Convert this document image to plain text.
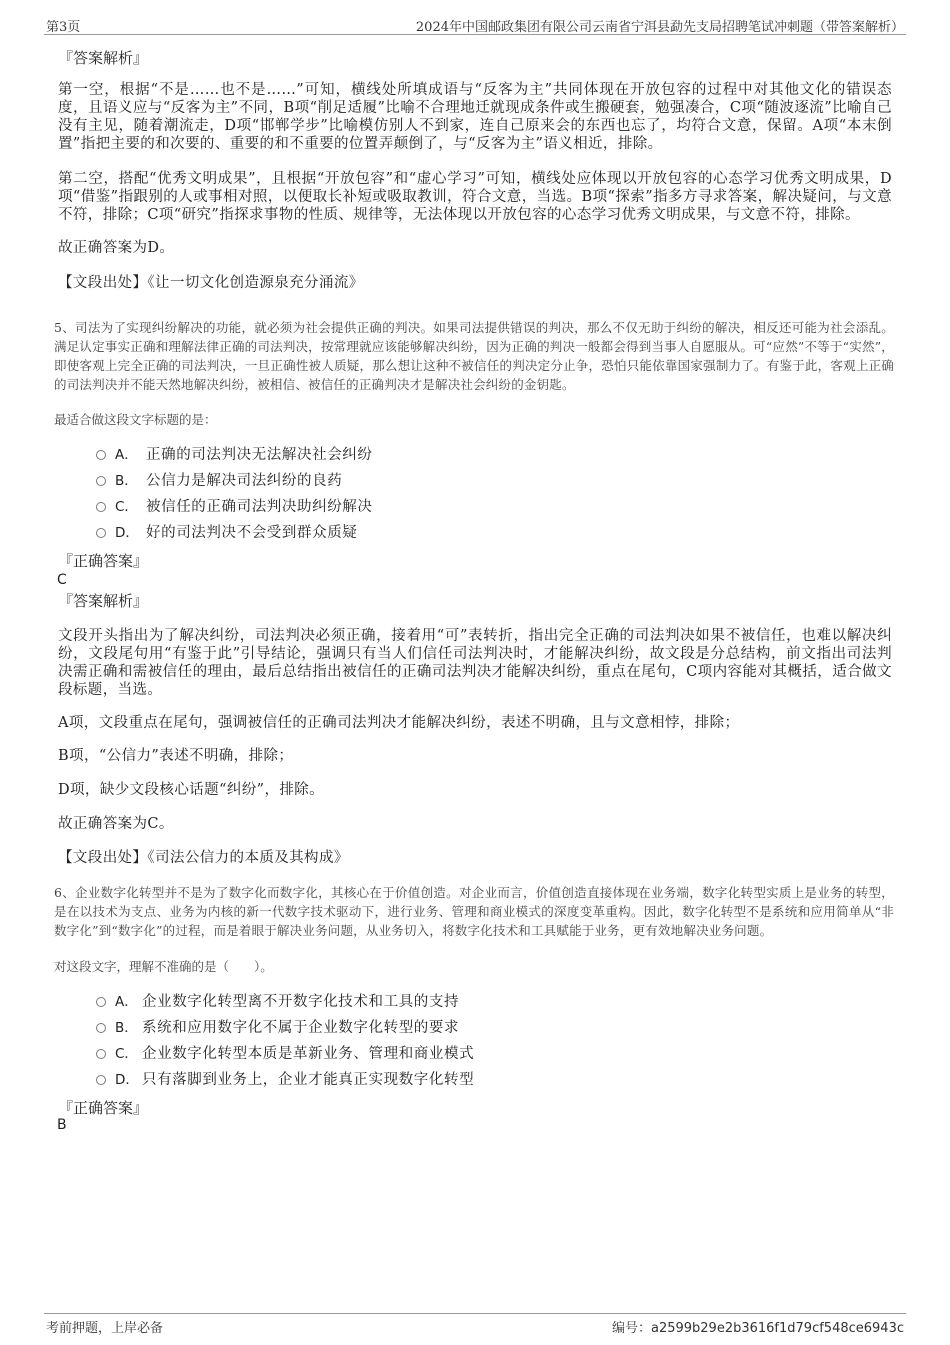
第3页	2024年中国邮政集团有限公司云南省宁洱县勐先支局招聘笔试冲刺题（带答案解析）
『答案解析』
第一空，根据“不是……也不是……”可知，横线处所填成语与“反客为主”共同体现在开放包容的过程中对其他文化的错误态度，且语义应与“反客为主”不同，B项“削足适履”比喻不合理地迁就现成条件或生搬硬套，勉强凑合，C项“随波逐流”比喻自己没有主见，随着潮流走，D项“邯郸学步”比喻模仿别人不到家，连自己原来会的东西也忘了，均符合文意，保留。A项“本末倒置”指把主要的和次要的、重要的和不重要的位置弄颠倒了，与“反客为主”语义相近，排除。
第二空，搭配“优秀文明成果”，且根据“开放包容”和“虚心学习”可知，横线处应体现以开放包容的心态学习优秀文明成果，D项“借鉴”指跟别的人或事相对照，以便取长补短或吸取教训，符合文意，当选。B项“探索”指多方寻求答案，解决疑问，与文意不符，排除；C项“研究”指探求事物的性质、规律等，无法体现以开放包容的心态学习优秀文明成果，与文意不符，排除。
故正确答案为D。
【文段出处】《让一切文化创造源泉充分涌流》
5、司法为了实现纠纷解决的功能，就必须为社会提供正确的判决。如果司法提供错误的判决，那么不仅无助于纠纷的解决，相反还可能为社会添乱。满足认定事实正确和理解法律正确的司法判决，按常理就应该能够解决纠纷，因为正确的判决一般都会得到当事人自愿服从。可“应然”不等于“实然”，即使客观上完全正确的司法判决，一旦正确性被人质疑，那么想让这种不被信任的判决定分止争，恐怕只能依靠国家强制力了。有鉴于此，客观上正确的司法判决并不能天然地解决纠纷，被相信、被信任的正确判决才是解决社会纠纷的金钥匙。
最适合做这段文字标题的是：
A． 正确的司法判决无法解决社会纠纷
B． 公信力是解决司法纠纷的良药
C． 被信任的正确司法判决助纠纷解决
D． 好的司法判决不会受到群众质疑
『正确答案』
C
『答案解析』
文段开头指出为了解决纠纷，司法判决必须正确，接着用“可”表转折，指出完全正确的司法判决如果不被信任，也难以解决纠纷，文段尾句用“有鉴于此”引导结论，强调只有当人们信任司法判决时，才能解决纠纷，故文段是分总结构，前文指出司法判决需正确和需被信任的理由，最后总结指出被信任的正确司法判决才能解决纠纷，重点在尾句，C项内容能对其概括，适合做文段标题，当选。
A项，文段重点在尾句，强调被信任的正确司法判决才能解决纠纷，表述不明确，且与文意相悖，排除；
B项，“公信力”表述不明确，排除；
D项，缺少文段核心话题“纠纷”，排除。
故正确答案为C。
【文段出处】《司法公信力的本质及其构成》
6、企业数字化转型并不是为了数字化而数字化，其核心在于价值创造。对企业而言，价值创造直接体现在业务端，数字化转型实质上是业务的转型，是在以技术为支点、业务为内核的新一代数字技术驱动下，进行业务、管理和商业模式的深度变革重构。因此，数字化转型不是系统和应用简单从“非数字化”到“数字化”的过程，而是着眼于解决业务问题，从业务切入，将数字化技术和工具赋能于业务，更有效地解决业务问题。
对这段文字，理解不准确的是（　　）。
A． 企业数字化转型离不开数字化技术和工具的支持
B． 系统和应用数字化不属于企业数字化转型的要求
C． 企业数字化转型本质是革新业务、管理和商业模式
D． 只有落脚到业务上，企业才能真正实现数字化转型
『正确答案』
B
考前押题，上岸必备	编号：a2599b29e2b3616f1d79cf548ce6943c
